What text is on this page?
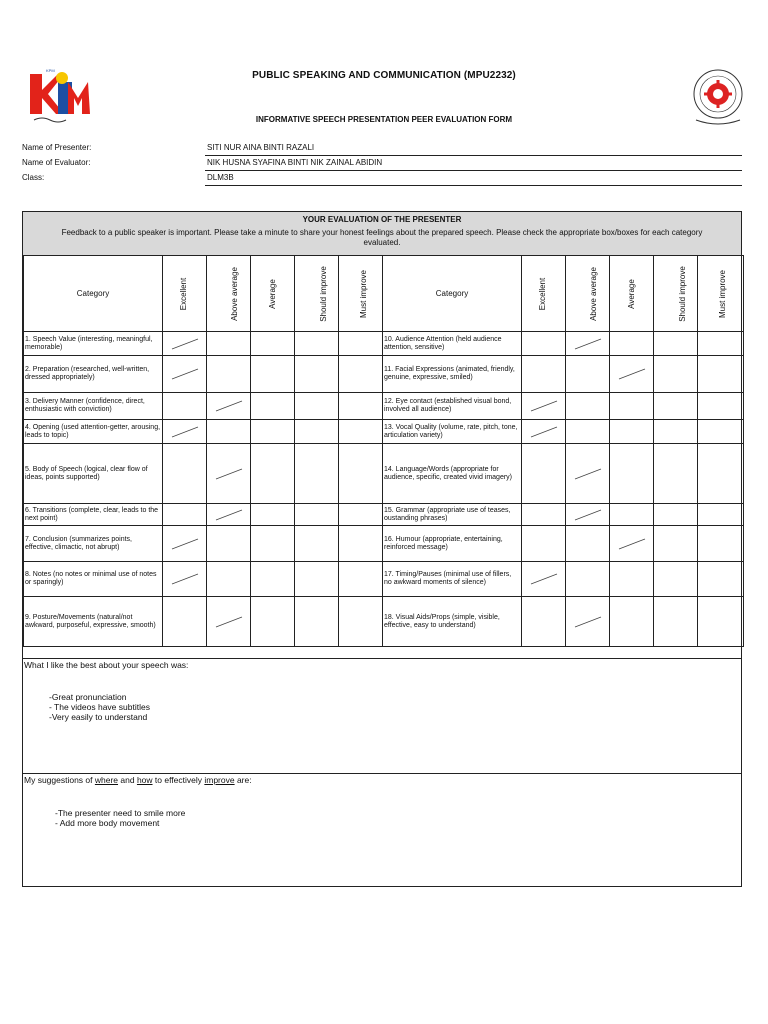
KPM	PUBLIC SPEAKING AND COMMUNICATION (MPU2232)
INFORMATIVE SPEECH PRESENTATION PEER EVALUATION FORM
Name of Presenter:	SITI NUR AINA BINTI RAZALI
Name of Evaluator:	NIK HUSNA SYAFINA BINTI NIK ZAINAL ABIDIN
Class:	DLM3B
YOUR EVALUATION OF THE PRESENTER
Feedback to a public speaker is important. Please take a minute to share your honest feelings about the prepared speech. Please check the appropriate box/boxes for each category evaluated.
Category	Excellent	Above average	Average	Should improve	Must improve	Category	Excellent	Above average	Average	Should improve	Must improve
1. Speech Value (interesting, meaningful, memorable)						10. Audience Attention (held audience attention, sensitive)		

2. Preparation (researched, well-written, dressed appropriately)						11. Facial Expressions (animated, friendly, genuine, expressive, smiled)			

3. Delivery Manner (confidence, direct, enthusiastic with conviction)						12. Eye contact (established visual bond, involved all audience)	

4. Opening (used attention-getter, arousing, leads to topic)						13. Vocal Quality (volume, rate, pitch, tone, articulation variety)	

5. Body of Speech (logical, clear flow of ideas, points supported)						14. Language/Words (appropriate for audience, specific, created vivid imagery)		

6. Transitions (complete, clear, leads to the next point)						15. Grammar (appropriate use of teases, oustanding phrases)		

7. Conclusion (summarizes points, effective, climactic, not abrupt)						16. Humour (appropriate, entertaining, reinforced message)			

8. Notes (no notes or minimal use of notes or sparingly)						17. Timing/Pauses (minimal use of fillers, no awkward moments of silence)	

9. Posture/Movements (natural/not awkward, purposeful, expressive, smooth)						18. Visual Aids/Props (simple, visible, effective, easy to understand)		

What I like the best about your speech was:
-Great pronunciation
- The videos have subtitles
-Very easily to understand
My suggestions of where and how to effectively improve are:
-The presenter need to smile more
- Add more body movement
